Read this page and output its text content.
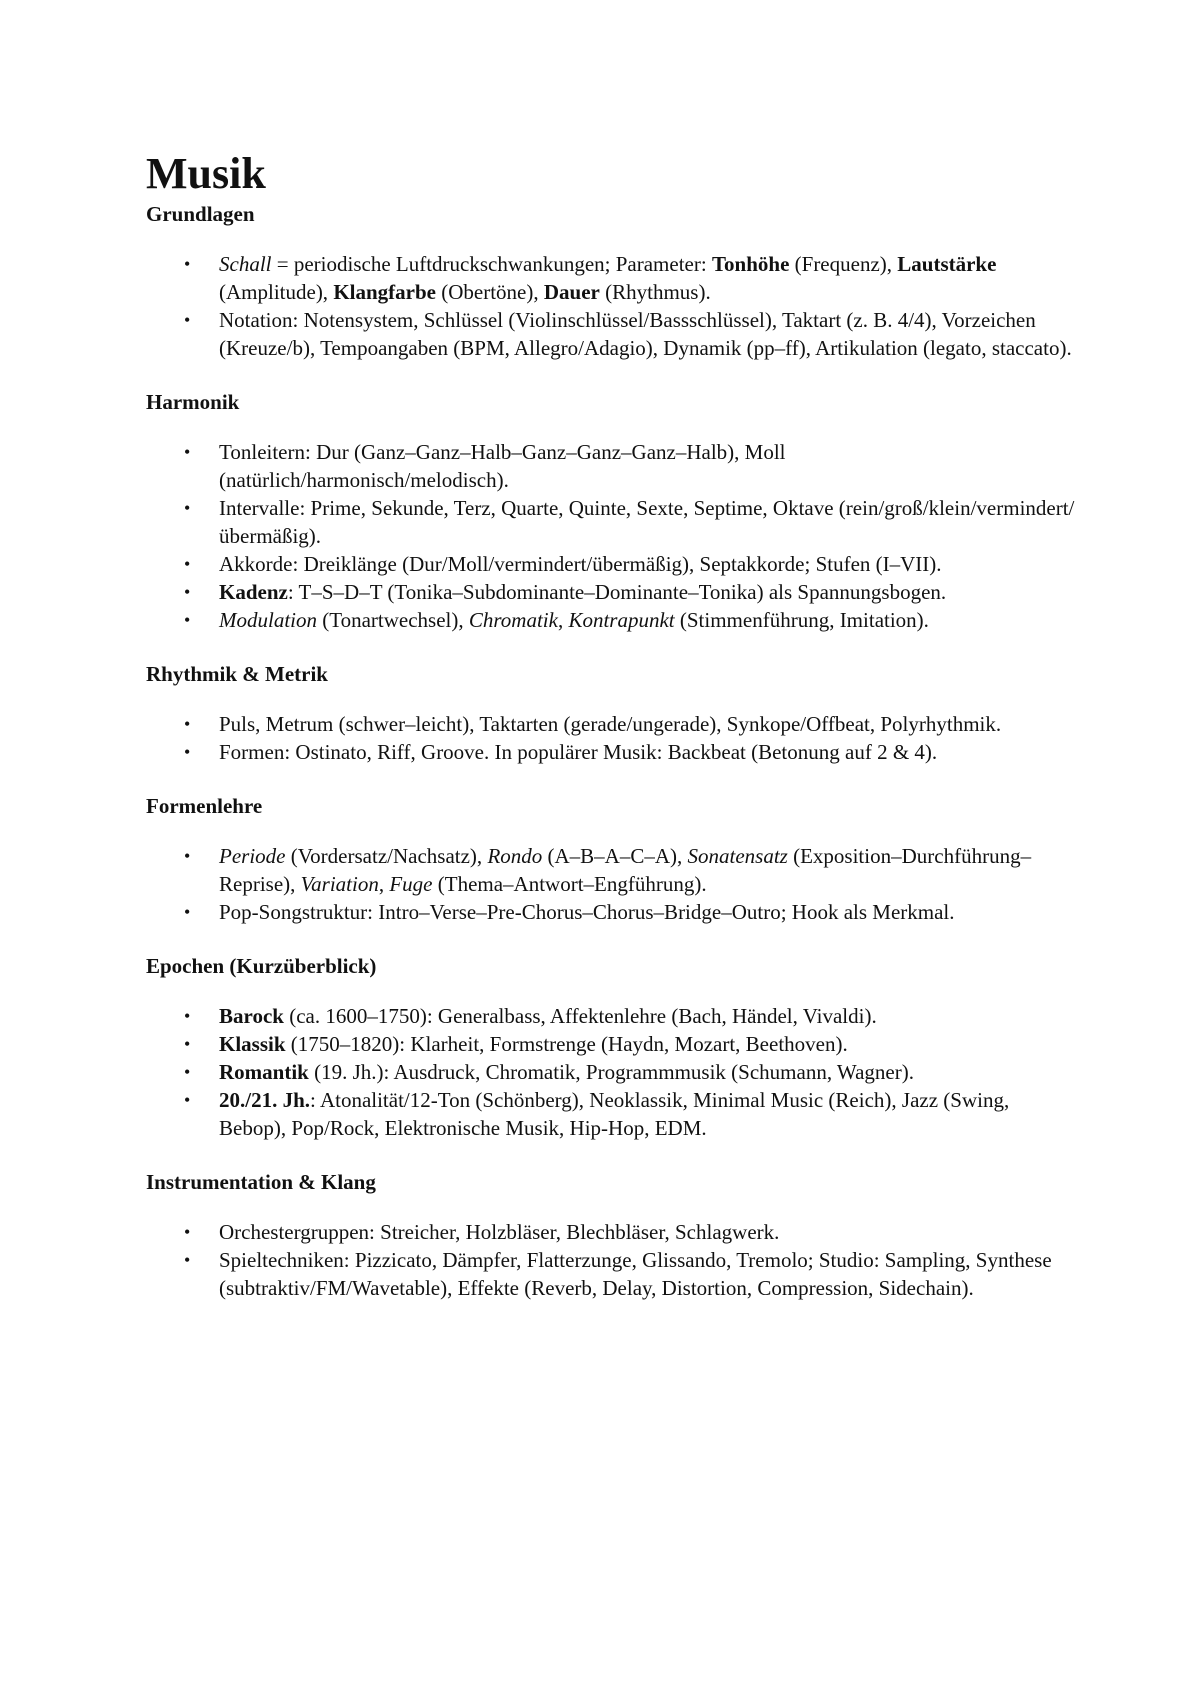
Musik
Grundlagen
• Schall = periodische Luftdruckschwankungen; Parameter: Tonhöhe (Frequenz), Lautstärke (Amplitude), Klangfarbe (Obertöne), Dauer (Rhythmus).
• Notation: Notensystem, Schlüssel (Violinschlüssel/Bassschlüssel), Taktart (z. B. 4/4), Vorzeichen (Kreuze/b), Tempoangaben (BPM, Allegro/Adagio), Dynamik (pp–ff), Artikulation (legato, staccato).
Harmonik
• Tonleitern: Dur (Ganz–Ganz–Halb–Ganz–Ganz–Ganz–Halb), Moll (natürlich/harmonisch/melodisch).
• Intervalle: Prime, Sekunde, Terz, Quarte, Quinte, Sexte, Septime, Oktave (rein/groß/klein/vermindert/übermäßig).
• Akkorde: Dreiklänge (Dur/Moll/vermindert/übermäßig), Septakkorde; Stufen (I–VII).
• Kadenz: T–S–D–T (Tonika–Subdominante–Dominante–Tonika) als Spannungsbogen.
• Modulation (Tonartwechsel), Chromatik, Kontrapunkt (Stimmenführung, Imitation).
Rhythmik & Metrik
• Puls, Metrum (schwer–leicht), Taktarten (gerade/ungerade), Synkope/Offbeat, Polyrhythmik.
• Formen: Ostinato, Riff, Groove. In populärer Musik: Backbeat (Betonung auf 2 & 4).
Formenlehre
• Periode (Vordersatz/Nachsatz), Rondo (A–B–A–C–A), Sonatensatz (Exposition–Durchführung–Reprise), Variation, Fuge (Thema–Antwort–Engführung).
• Pop-Songstruktur: Intro–Verse–Pre-Chorus–Chorus–Bridge–Outro; Hook als Merkmal.
Epochen (Kurzüberblick)
• Barock (ca. 1600–1750): Generalbass, Affektenlehre (Bach, Händel, Vivaldi).
• Klassik (1750–1820): Klarheit, Formstrenge (Haydn, Mozart, Beethoven).
• Romantik (19. Jh.): Ausdruck, Chromatik, Programmmusik (Schumann, Wagner).
• 20./21. Jh.: Atonalität/12-Ton (Schönberg), Neoklassik, Minimal Music (Reich), Jazz (Swing, Bebop), Pop/Rock, Elektronische Musik, Hip-Hop, EDM.
Instrumentation & Klang
• Orchestergruppen: Streicher, Holzbläser, Blechbläser, Schlagwerk.
• Spieltechniken: Pizzicato, Dämpfer, Flatterzunge, Glissando, Tremolo; Studio: Sampling, Synthese (subtraktiv/FM/Wavetable), Effekte (Reverb, Delay, Distortion, Compression, Sidechain).
